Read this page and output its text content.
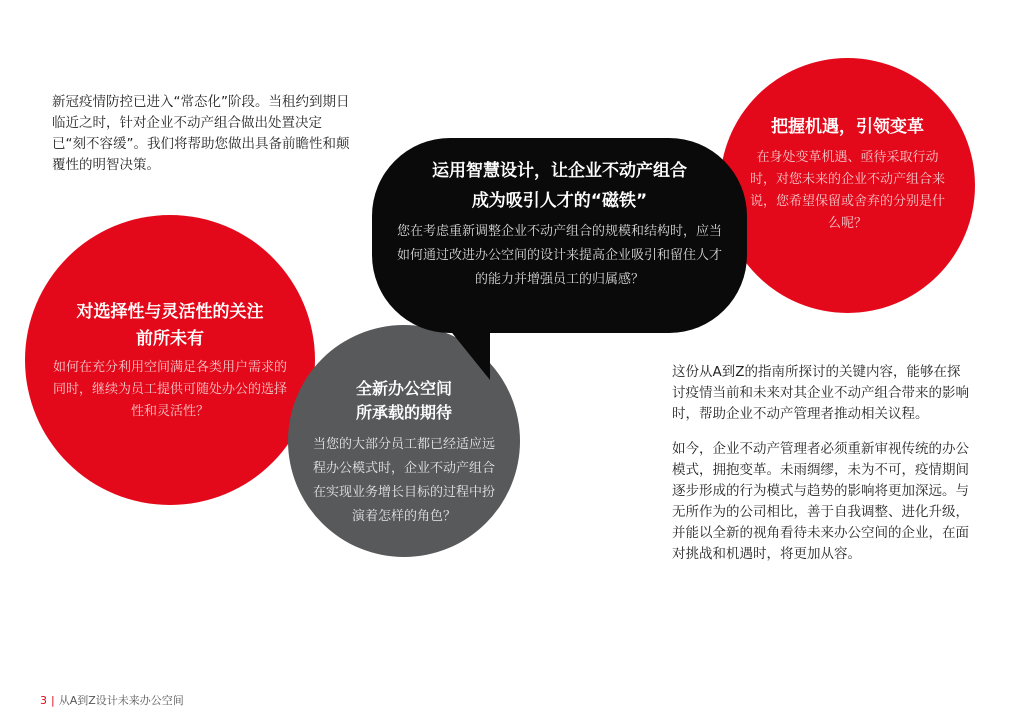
新冠疫情防控已进入“常态化”阶段。当租约到期日临近之时，针对企业不动产组合做出处置决定已“刻不容缓”。我们将帮助您做出具备前瞻性和颠覆性的明智决策。

把握机遇，引领变革

在身处变革机遇、亟待采取行动时，对您未来的企业不动产组合来说，您希望保留或舍弃的分别是什么呢？

对选择性与灵活性的关注
前所未有

如何在充分利用空间满足各类用户需求的同时，继续为员工提供可随处办公的选择性和灵活性？

全新办公空间
所承载的期待

当您的大部分员工都已经适应远程办公模式时，企业不动产组合在实现业务增长目标的过程中扮演着怎样的角色？

运用智慧设计，让企业不动产组合
成为吸引人才的“磁铁”

您在考虑重新调整企业不动产组合的规模和结构时，应当如何通过改进办公空间的设计来提高企业吸引和留住人才的能力并增强员工的归属感？

这份从A到Z的指南所探讨的关键内容，能够在探讨疫情当前和未来对其企业不动产组合带来的影响时，帮助企业不动产管理者推动相关议程。

如今，企业不动产管理者必须重新审视传统的办公模式，拥抱变革。未雨绸缪，未为不可，疫情期间逐步形成的行为模式与趋势的影响将更加深远。与无所作为的公司相比，善于自我调整、进化升级，并能以全新的视角看待未来办公空间的企业，在面对挑战和机遇时，将更加从容。

3 | 从A到Z设计未来办公空间
